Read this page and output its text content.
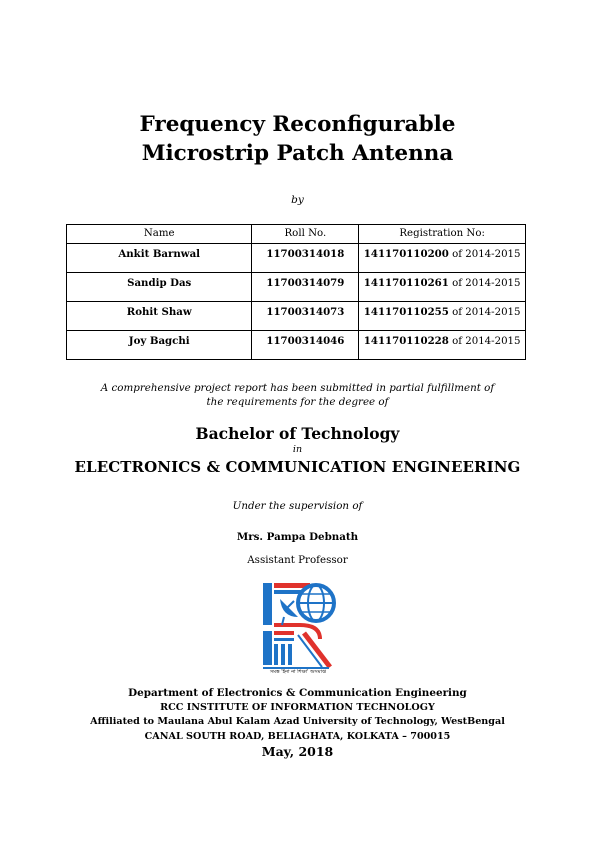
Frequency Reconfigurable
Microstrip Patch Antenna
by
Name	Roll No.	Registration No:
Ankit Barnwal	11700314018	141170110200 of 2014-2015
Sandip Das	11700314079	141170110261 of 2014-2015
Rohit Shaw	11700314073	141170110255 of 2014-2015
Joy Bagchi	11700314046	141170110228 of 2014-2015
A comprehensive project report has been submitted in partial fulfillment of
the requirements for the degree of
Bachelor of Technology
in
ELECTRONICS & COMMUNICATION ENGINEERING
Under the supervision of
Mrs. Pampa Debnath
Assistant Professor
সমস্ত 'ইনা না শিক্ষা' অসমাপ্ত
Department of Electronics & Communication Engineering
RCC INSTITUTE OF INFORMATION TECHNOLOGY
Affiliated to Maulana Abul Kalam Azad University of Technology, WestBengal
CANAL SOUTH ROAD, BELIAGHATA, KOLKATA – 700015
May, 2018
